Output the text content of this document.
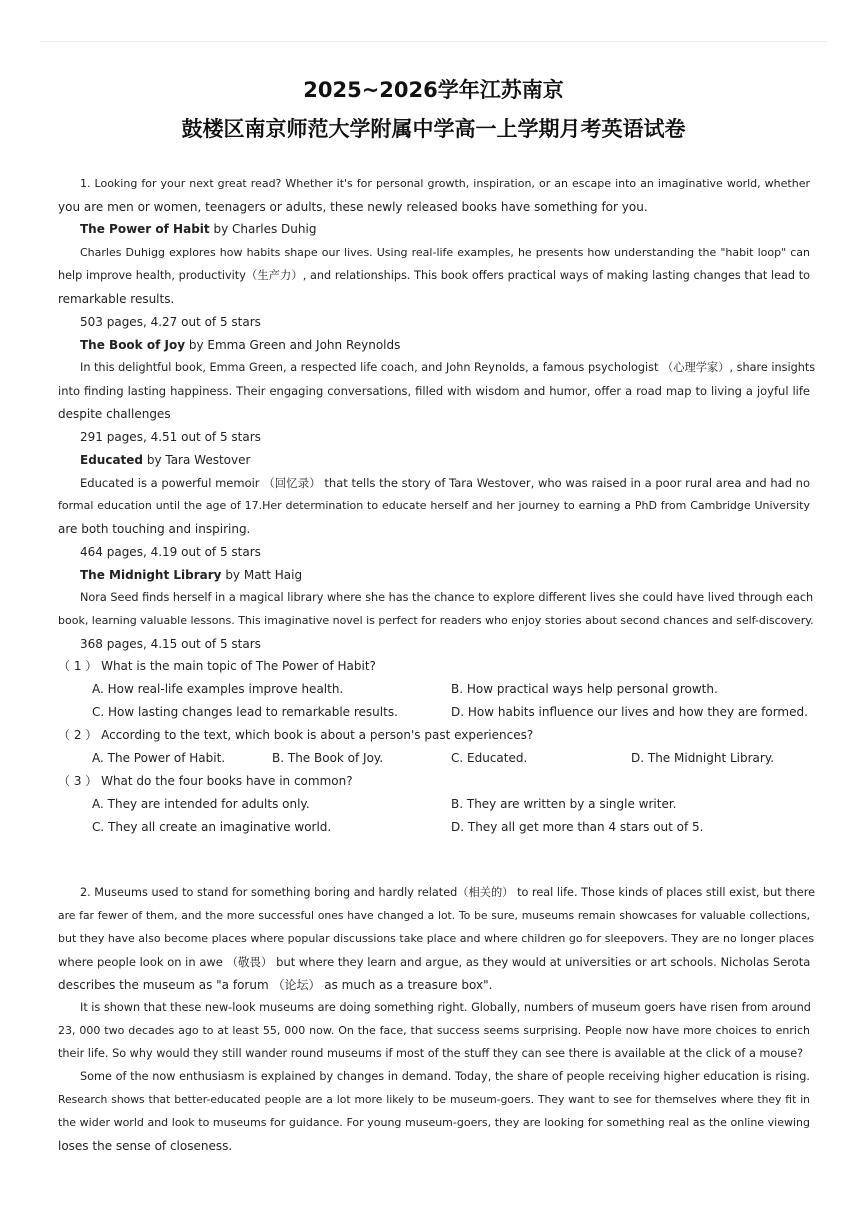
2025~2026学年江苏南京
鼓楼区南京师范大学附属中学高一上学期月考英语试卷
1. Looking for your next great read? Whether it's for personal growth, inspiration, or an escape into an imaginative world, whether
you are men or women, teenagers or adults, these newly released books have something for you.
The Power of Habit by Charles Duhig
Charles Duhigg explores how habits shape our lives. Using real-life examples, he presents how understanding the "habit loop" can
help improve health, productivity（生产力）, and relationships. This book offers practical ways of making lasting changes that lead to
remarkable results.
503 pages, 4.27 out of 5 stars
The Book of Joy by Emma Green and John Reynolds
In this delightful book, Emma Green, a respected life coach, and John Reynolds, a famous psychologist （心理学家）, share insights
into finding lasting happiness. Their engaging conversations, filled with wisdom and humor, offer a road map to living a joyful life
despite challenges
291 pages, 4.51 out of 5 stars
Educated by Tara Westover
Educated is a powerful memoir （回忆录） that tells the story of Tara Westover, who was raised in a poor rural area and had no
formal education until the age of 17.Her determination to educate herself and her journey to earning a PhD from Cambridge University
are both touching and inspiring.
464 pages, 4.19 out of 5 stars
The Midnight Library by Matt Haig
Nora Seed finds herself in a magical library where she has the chance to explore different lives she could have lived through each
book, learning valuable lessons. This imaginative novel is perfect for readers who enjoy stories about second chances and self-discovery.
368 pages, 4.15 out of 5 stars
（ 1 ） What is the main topic of The Power of Habit?
A. How real-life examples improve health.	B. How practical ways help personal growth.
C. How lasting changes lead to remarkable results.	D. How habits influence our lives and how they are formed.
（ 2 ） According to the text, which book is about a person's past experiences?
A. The Power of Habit.	B. The Book of Joy.	C. Educated.	D. The Midnight Library.
（ 3 ） What do the four books have in common?
A. They are intended for adults only.	B. They are written by a single writer.
C. They all create an imaginative world.	D. They all get more than 4 stars out of 5.
2. Museums used to stand for something boring and hardly related（相关的） to real life. Those kinds of places still exist, but there
are far fewer of them, and the more successful ones have changed a lot. To be sure, museums remain showcases for valuable collections,
but they have also become places where popular discussions take place and where children go for sleepovers. They are no longer places
where people look on in awe （敬畏） but where they learn and argue, as they would at universities or art schools. Nicholas Serota
describes the museum as "a forum （论坛） as much as a treasure box".
It is shown that these new-look museums are doing something right. Globally, numbers of museum goers have risen from around
23, 000 two decades ago to at least 55, 000 now. On the face, that success seems surprising. People now have more choices to enrich
their life. So why would they still wander round museums if most of the stuff they can see there is available at the click of a mouse?
Some of the now enthusiasm is explained by changes in demand. Today, the share of people receiving higher education is rising.
Research shows that better-educated people are a lot more likely to be museum-goers. They want to see for themselves where they fit in
the wider world and look to museums for guidance. For young museum-goers, they are looking for something real as the online viewing
loses the sense of closeness.
